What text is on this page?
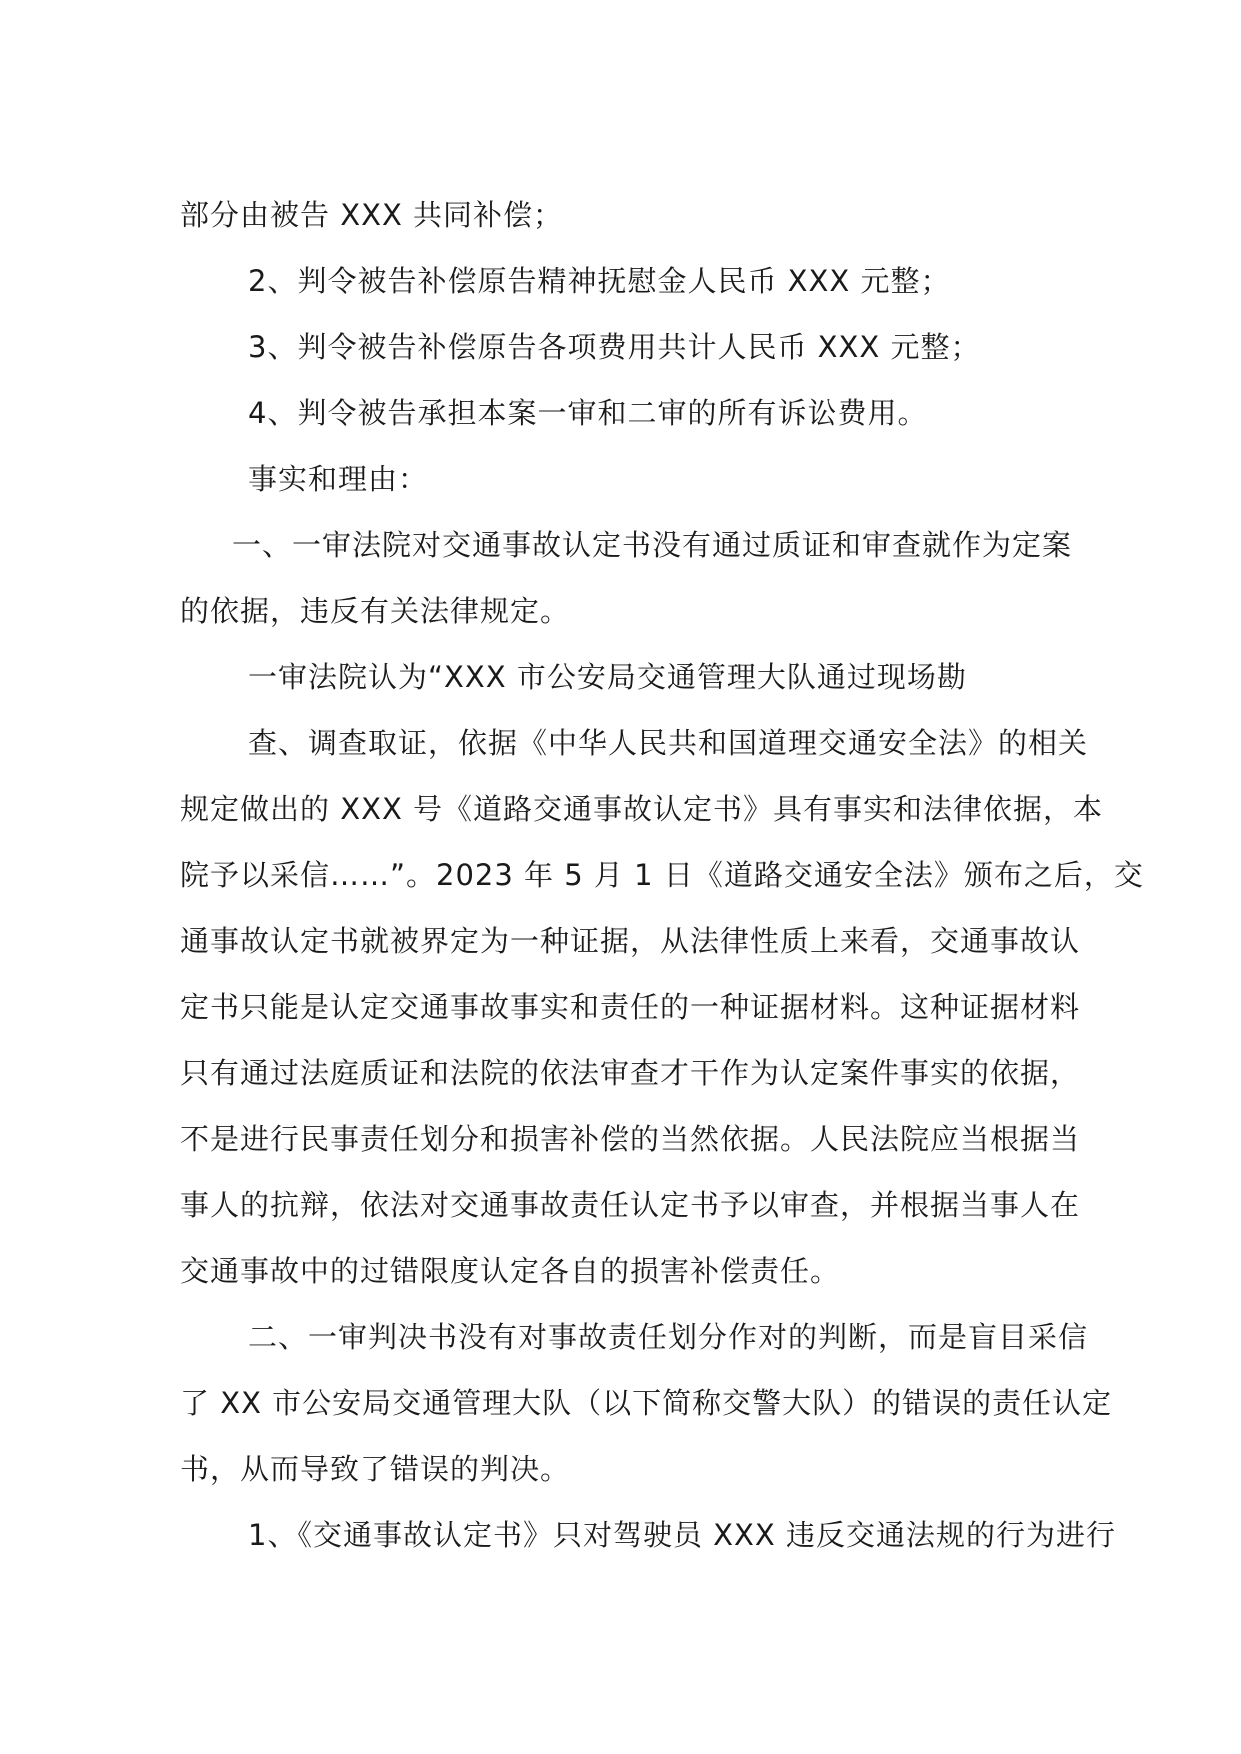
部分由被告 XXX 共同补偿；
2、判令被告补偿原告精神抚慰金人民币 XXX 元整；
3、判令被告补偿原告各项费用共计人民币 XXX 元整；
4、判令被告承担本案一审和二审的所有诉讼费用。
事实和理由：
一、一审法院对交通事故认定书没有通过质证和审查就作为定案
的依据，违反有关法律规定。
一审法院认为“XXX 市公安局交通管理大队通过现场勘
查、调查取证，依据《中华人民共和国道理交通安全法》的相关
规定做出的 XXX 号《道路交通事故认定书》具有事实和法律依据，本
院予以采信……”。2023 年 5 月 1 日《道路交通安全法》颁布之后，交
通事故认定书就被界定为一种证据，从法律性质上来看，交通事故认
定书只能是认定交通事故事实和责任的一种证据材料。这种证据材料
只有通过法庭质证和法院的依法审查才干作为认定案件事实的依据，
不是进行民事责任划分和损害补偿的当然依据。人民法院应当根据当
事人的抗辩，依法对交通事故责任认定书予以审查，并根据当事人在
交通事故中的过错限度认定各自的损害补偿责任。
二、一审判决书没有对事故责任划分作对的判断，而是盲目采信
了 XX 市公安局交通管理大队（以下简称交警大队）的错误的责任认定
书，从而导致了错误的判决。
1、《交通事故认定书》只对驾驶员 XXX 违反交通法规的行为进行
